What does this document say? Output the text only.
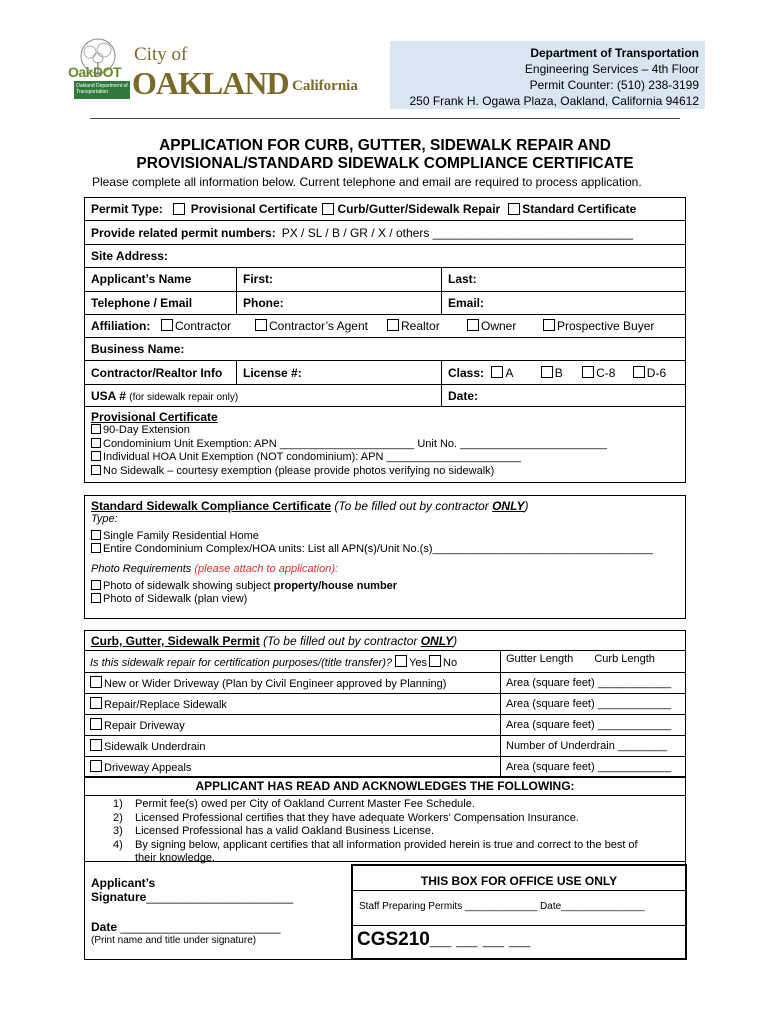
OakDOT
Oakland Department of Transportation
City of
OAKLAND California
Department of Transportation
Engineering Services – 4th Floor
Permit Counter: (510) 238-3199
250 Frank H. Ogawa Plaza, Oakland, California 94612
APPLICATION FOR CURB, GUTTER, SIDEWALK REPAIR AND
PROVISIONAL/STANDARD SIDEWALK COMPLIANCE CERTIFICATE
Please complete all information below. Current telephone and email are required to process application.
Permit Type: Provisional Certificate Curb/Gutter/Sidewalk Repair Standard Certificate
Provide related permit numbers: PX / SL / B / GR / X / others ______________________________
Site Address:
Applicant’s Name	First:	Last:
Telephone / Email	Phone:	Email:
Affiliation:	Contractor	Contractor’s Agent	Realtor	Owner	Prospective Buyer
Business Name:
Contractor/Realtor Info	License #:	Class: A	B	C-8	D-6
USA # (for sidewalk repair only)	Date:
Provisional Certificate
90-Day Extension
Condominium Unit Exemption: APN ______________________ Unit No. ________________________
Individual HOA Unit Exemption (NOT condominium): APN ______________________
No Sidewalk – courtesy exemption (please provide photos verifying no sidewalk)
Standard Sidewalk Compliance Certificate (To be filled out by contractor ONLY)
Type:
Single Family Residential Home
Entire Condominium Complex/HOA units: List all APN(s)/Unit No.(s)____________________________________
Photo Requirements (please attach to application):
Photo of sidewalk showing subject property/house number
Photo of Sidewalk (plan view)
Curb, Gutter, Sidewalk Permit (To be filled out by contractor ONLY)
Is this sidewalk repair for certification purposes/(title transfer)? Yes No	Gutter Length Curb Length
New or Wider Driveway (Plan by Civil Engineer approved by Planning)	Area (square feet) ____________
Repair/Replace Sidewalk	Area (square feet) ____________
Repair Driveway	Area (square feet) ____________
Sidewalk Underdrain	Number of Underdrain ________
Driveway Appeals	Area (square feet) ____________
APPLICANT HAS READ AND ACKNOWLEDGES THE FOLLOWING:
1) Permit fee(s) owed per City of Oakland Current Master Fee Schedule.
2) Licensed Professional certifies that they have adequate Workers’ Compensation Insurance.
3) Licensed Professional has a valid Oakland Business License.
4) By signing below, applicant certifies that all information provided herein is true and correct to the best of
their knowledge.
Applicant’s
Signature______________________
Date ________________________
(Print name and title under signature)
THIS BOX FOR OFFICE USE ONLY
Staff Preparing Permits _____________ Date_______________
CGS210__ __ __ __
